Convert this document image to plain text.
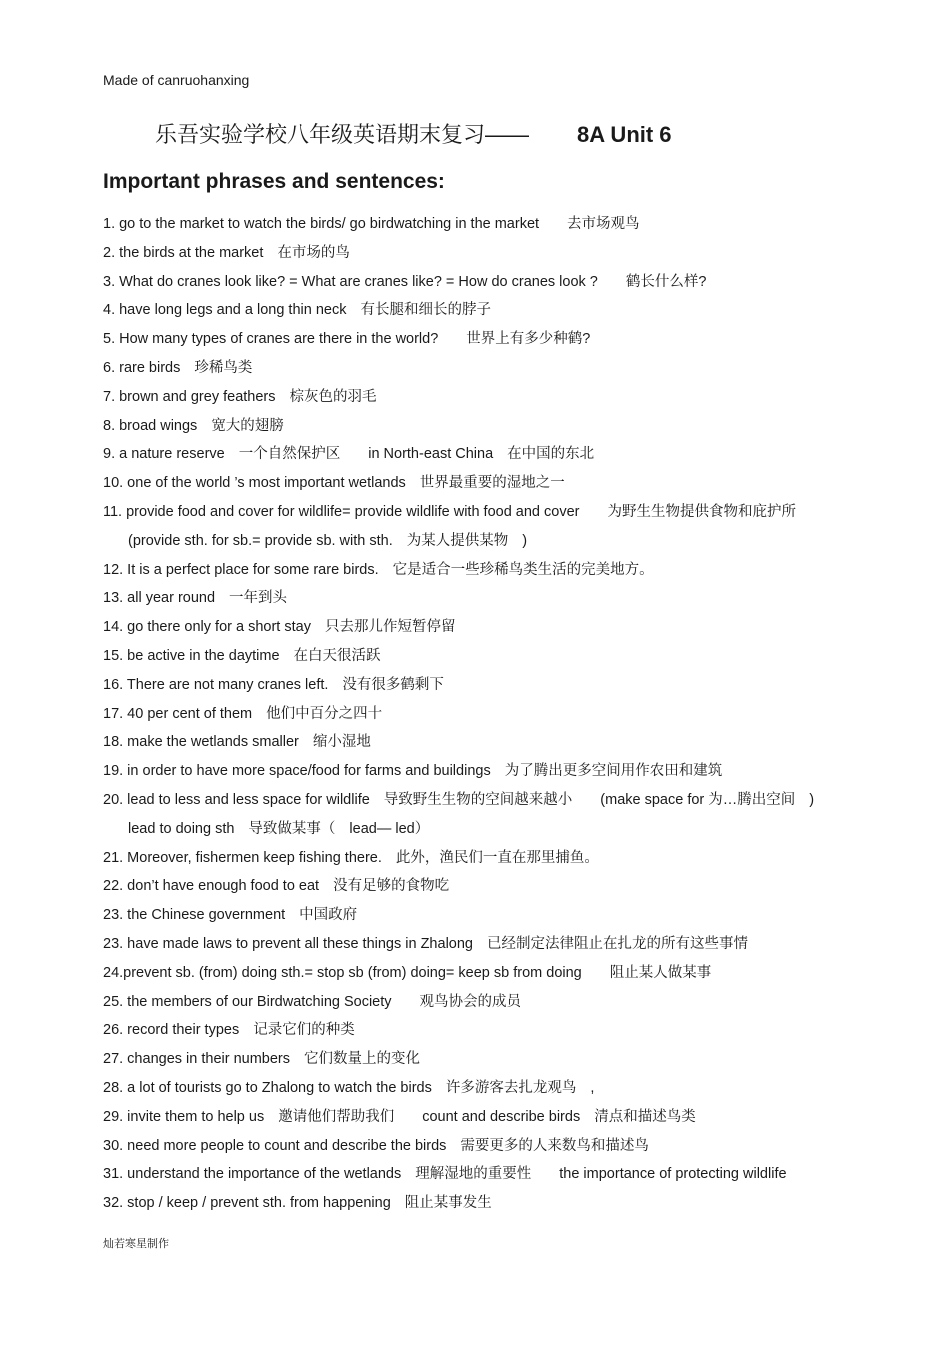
Made of canruohanxing
乐吾实验学校八年级英语期末复习—— 8A Unit 6
Important phrases and sentences:
1. go to the market to watch the birds/ go birdwatching in the market 去市场观鸟
2. the birds at the market 在市场的鸟
3. What do cranes look like? = What are cranes like? = How do cranes look ? 鹤长什么样?
4. have long legs and a long thin neck 有长腿和细长的脖子
5. How many types of cranes are there in the world? 世界上有多少种鹤?
6. rare birds 珍稀鸟类
7. brown and grey feathers 棕灰色的羽毛
8. broad wings 宽大的翅膀
9. a nature reserve 一个自然保护区 in North-east China 在中国的东北
10. one of the world ’s most important wetlands 世界最重要的湿地之一
11. provide food and cover for wildlife= provide wildlife with food and cover 为野生生物提供食物和庇护所
(provide sth. for sb.= provide sb. with sth. 为某人提供某物 )
12. It is a perfect place for some rare birds. 它是适合一些珍稀鸟类生活的完美地方。
13. all year round 一年到头
14. go there only for a short stay 只去那儿作短暂停留
15. be active in the daytime 在白天很活跃
16. There are not many cranes left. 没有很多鹤剩下
17. 40 per cent of them 他们中百分之四十
18. make the wetlands smaller 缩小湿地
19. in order to have more space/food for farms and buildings 为了腾出更多空间用作农田和建筑
20. lead to less and less space for wildlife 导致野生生物的空间越来越小 (make space for 为…腾出空间 )
lead to doing sth 导致做某事（ lead— led）
21. Moreover, fishermen keep fishing there. 此外，渔民们一直在那里捕鱼。
22. don’t have enough food to eat 没有足够的食物吃
23. the Chinese government 中国政府
23. have made laws to prevent all these things in Zhalong 已经制定法律阻止在扎龙的所有这些事情
24.prevent sb. (from) doing sth.= stop sb (from) doing= keep sb from doing 阻止某人做某事
25. the members of our Birdwatching Society 观鸟协会的成员
26. record their types 记录它们的种类
27. changes in their numbers 它们数量上的变化
28. a lot of tourists go to Zhalong to watch the birds 许多游客去扎龙观鸟 ,
29. invite them to help us 邀请他们帮助我们 count and describe birds 清点和描述鸟类
30. need more people to count and describe the birds 需要更多的人来数鸟和描述鸟
31. understand the importance of the wetlands 理解湿地的重要性 the importance of protecting wildlife
32. stop / keep / prevent sth. from happening 阻止某事发生
灿若寒星制作
